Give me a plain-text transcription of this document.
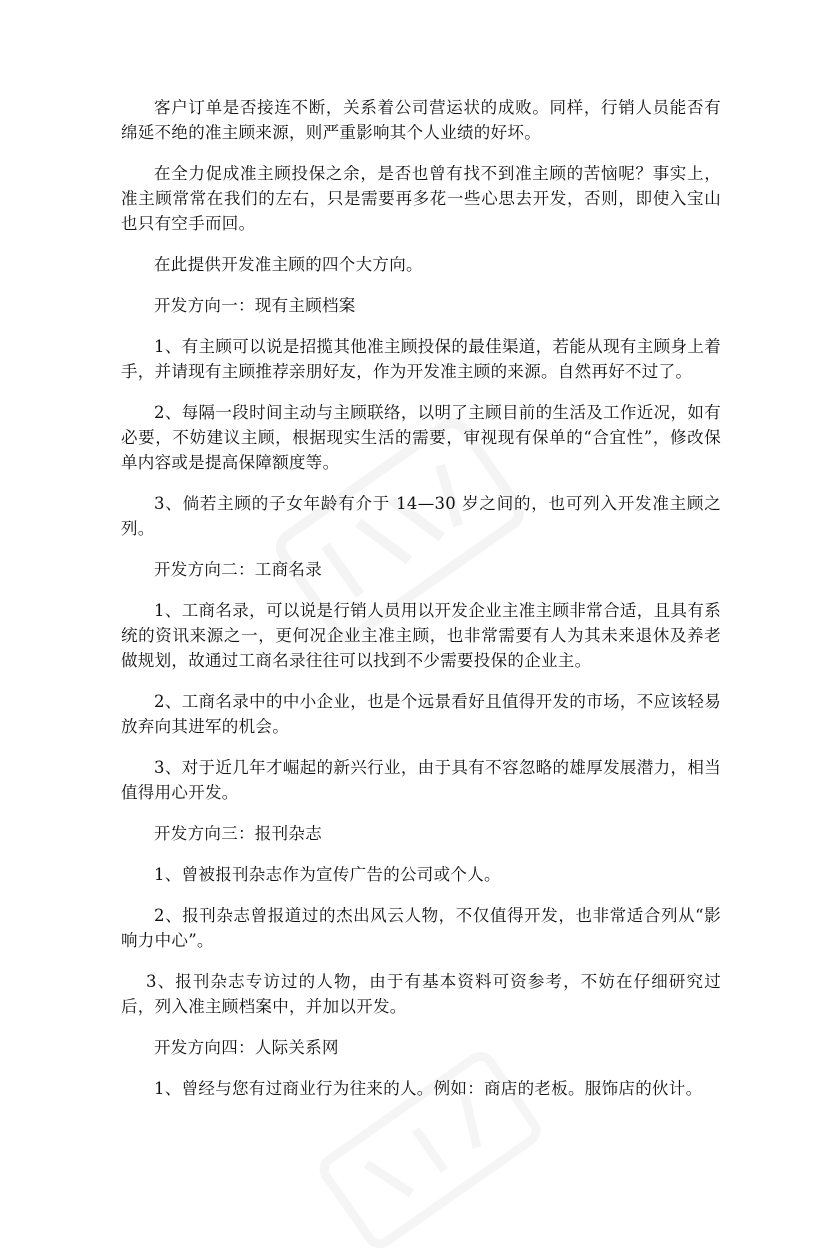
客户订单是否接连不断，关系着公司营运状的成败。同样，行销人员能否有绵延不绝的准主顾来源，则严重影响其个人业绩的好坏。

在全力促成准主顾投保之余，是否也曾有找不到准主顾的苦恼呢？事实上，准主顾常常在我们的左右，只是需要再多花一些心思去开发，否则，即使入宝山也只有空手而回。

在此提供开发准主顾的四个大方向。

开发方向一：现有主顾档案

1、有主顾可以说是招揽其他准主顾投保的最佳渠道，若能从现有主顾身上着手，并请现有主顾推荐亲朋好友，作为开发准主顾的来源。自然再好不过了。

2、每隔一段时间主动与主顾联络，以明了主顾目前的生活及工作近况，如有必要，不妨建议主顾，根据现实生活的需要，审视现有保单的“合宜性”，修改保单内容或是提高保障额度等。

3、倘若主顾的子女年龄有介于 14—30 岁之间的，也可列入开发准主顾之列。

开发方向二：工商名录

1、工商名录，可以说是行销人员用以开发企业主准主顾非常合适，且具有系统的资讯来源之一，更何况企业主准主顾，也非常需要有人为其未来退休及养老做规划，故通过工商名录往往可以找到不少需要投保的企业主。

2、工商名录中的中小企业，也是个远景看好且值得开发的市场，不应该轻易放弃向其进军的机会。

3、对于近几年才崛起的新兴行业，由于具有不容忽略的雄厚发展潜力，相当值得用心开发。

开发方向三：报刊杂志

1、曾被报刊杂志作为宣传广告的公司或个人。

2、报刊杂志曾报道过的杰出风云人物，不仅值得开发，也非常适合列从“影响力中心”。

3、报刊杂志专访过的人物，由于有基本资料可资参考，不妨在仔细研究过后，列入准主顾档案中，并加以开发。

开发方向四：人际关系网

1、曾经与您有过商业行为往来的人。例如：商店的老板。服饰店的伙计。
